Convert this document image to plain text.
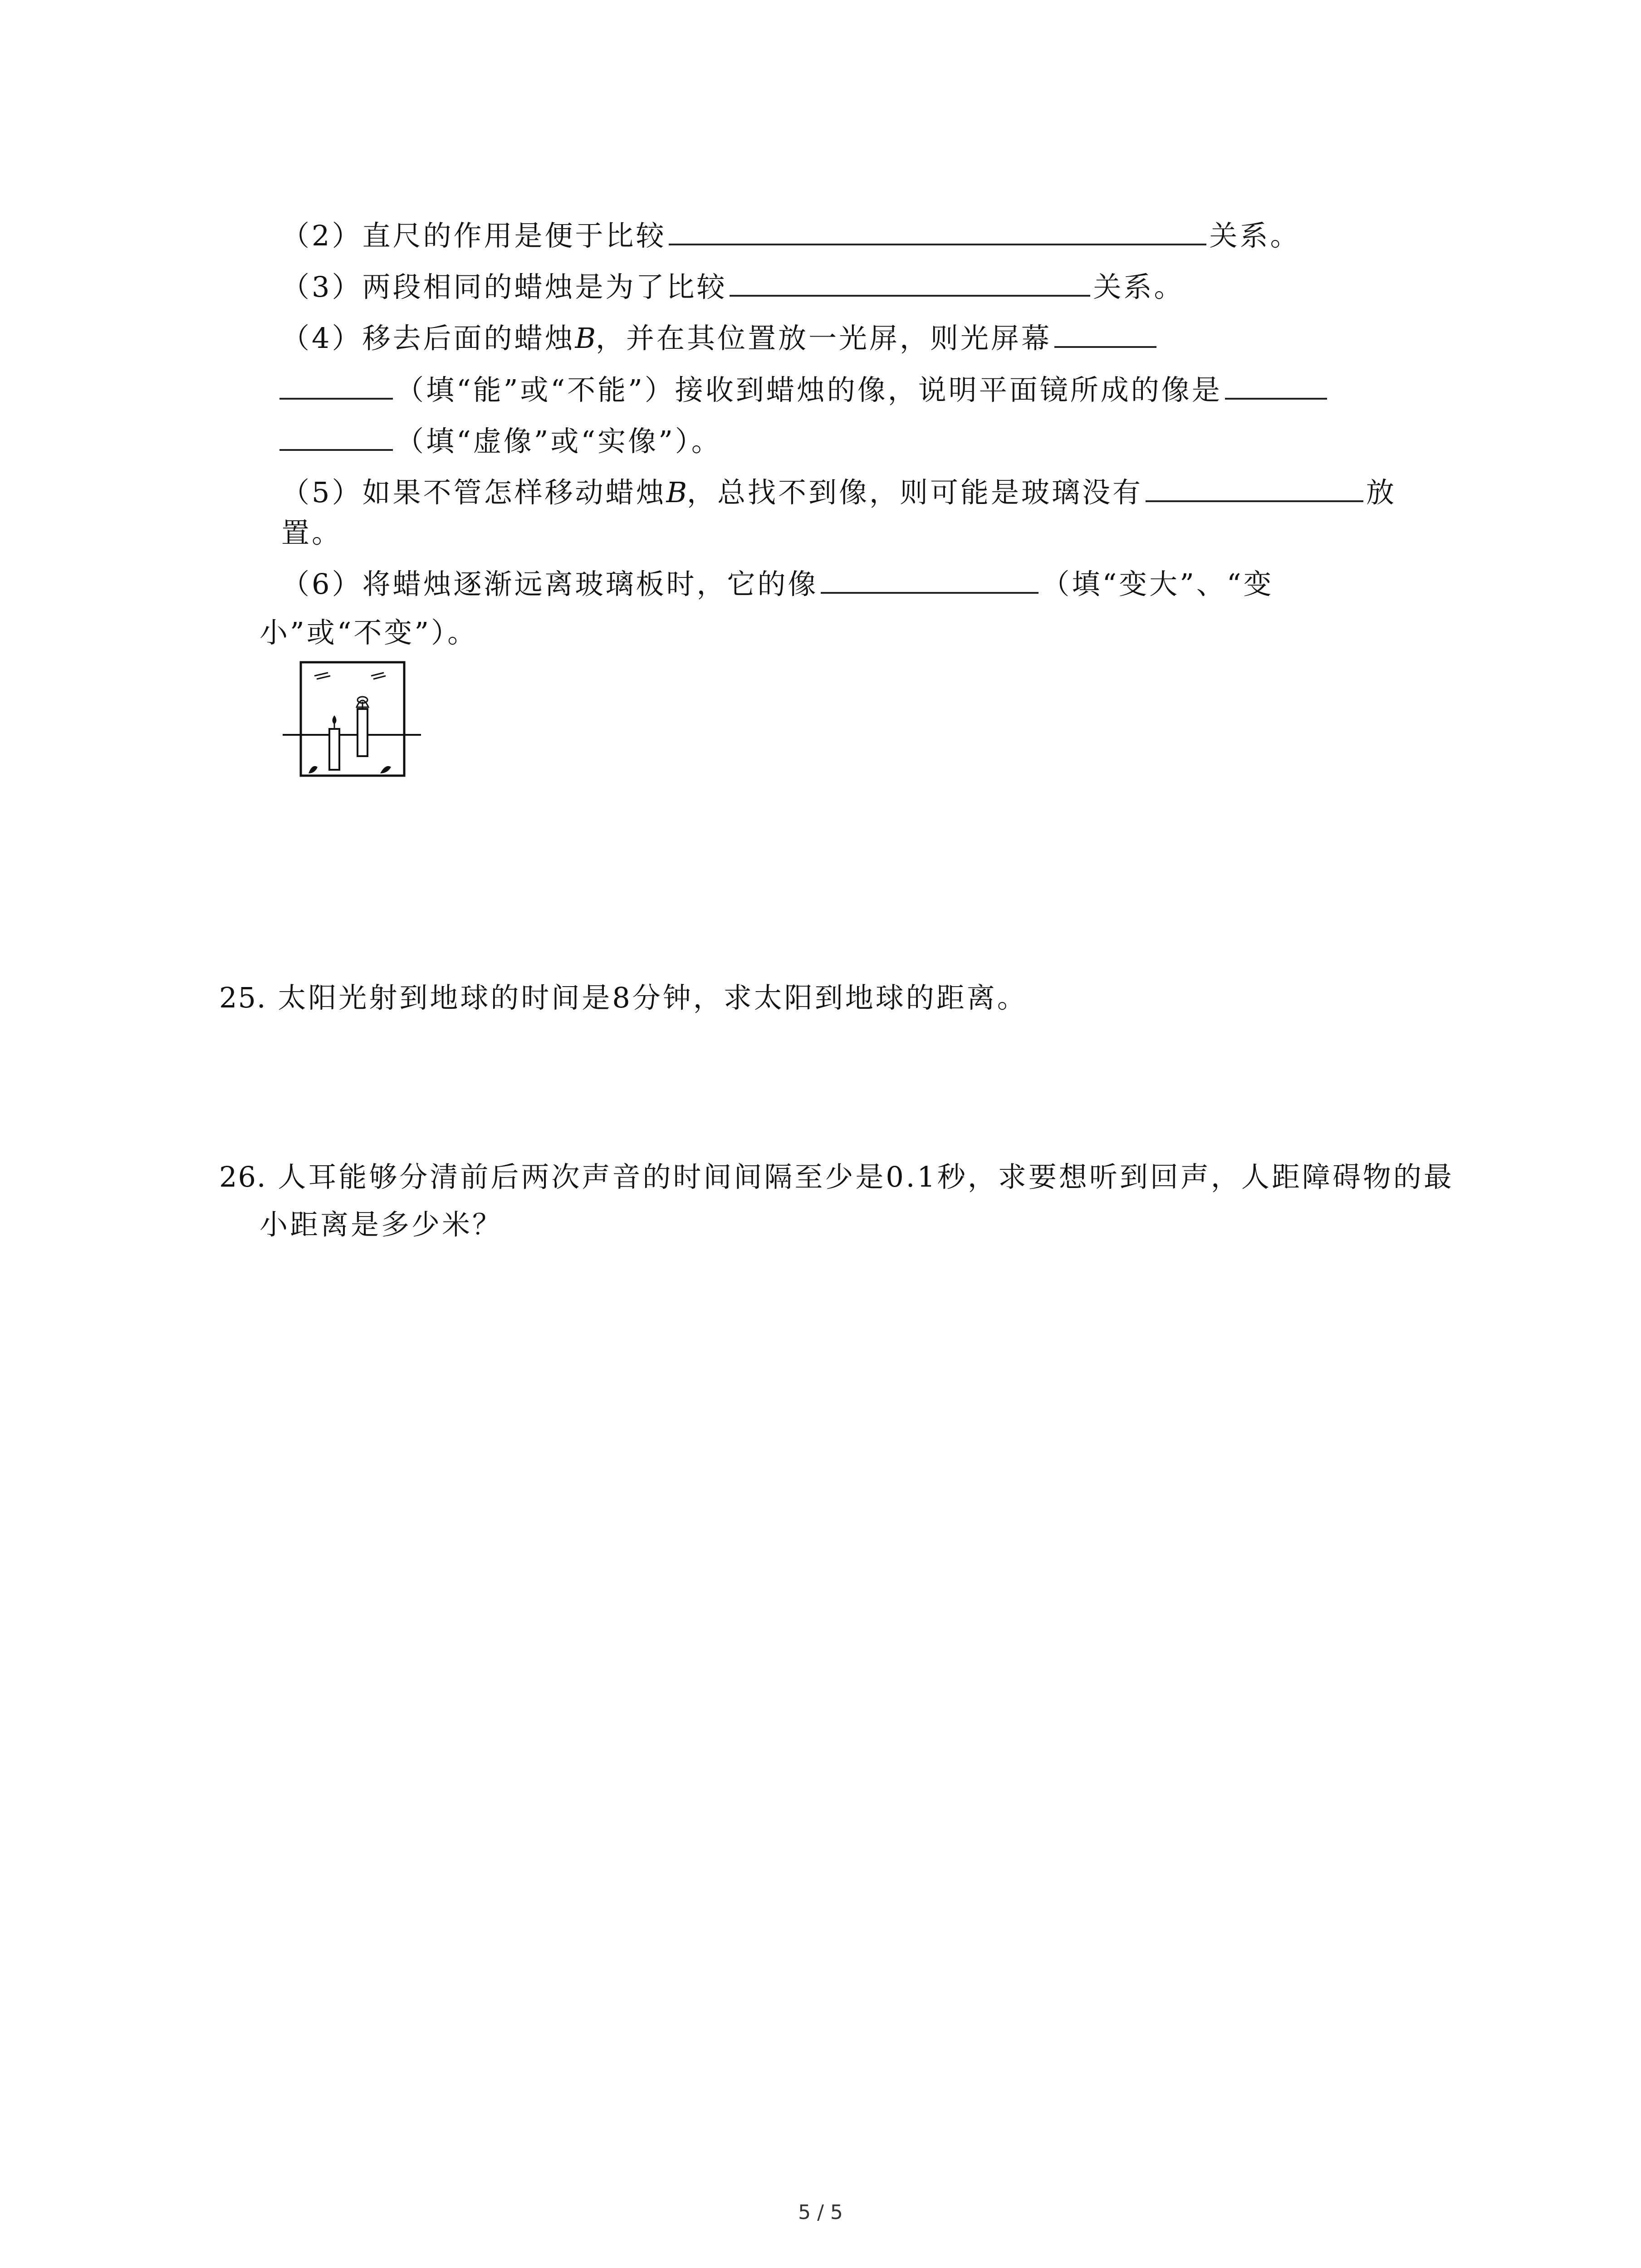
（2）直尺的作用是便于比较	关系。
（3）两段相同的蜡烛是为了比较	关系。
（4）移去后面的蜡烛B，并在其位置放一光屏，则光屏幕
（填“能”或“不能”）接收到蜡烛的像，说明平面镜所成的像是
（填“虚像”或“实像”）。
（5）如果不管怎样移动蜡烛B，总找不到像，则可能是玻璃没有	放
置。
（6）将蜡烛逐渐远离玻璃板时，它的像	（填“变大”、“变
小”或“不变”）。
25. 太阳光射到地球的时间是8分钟，求太阳到地球的距离。
26. 人耳能够分清前后两次声音的时间间隔至少是0.1秒，求要想听到回声，人距障碍物的最
小距离是多少米？
5 / 5
